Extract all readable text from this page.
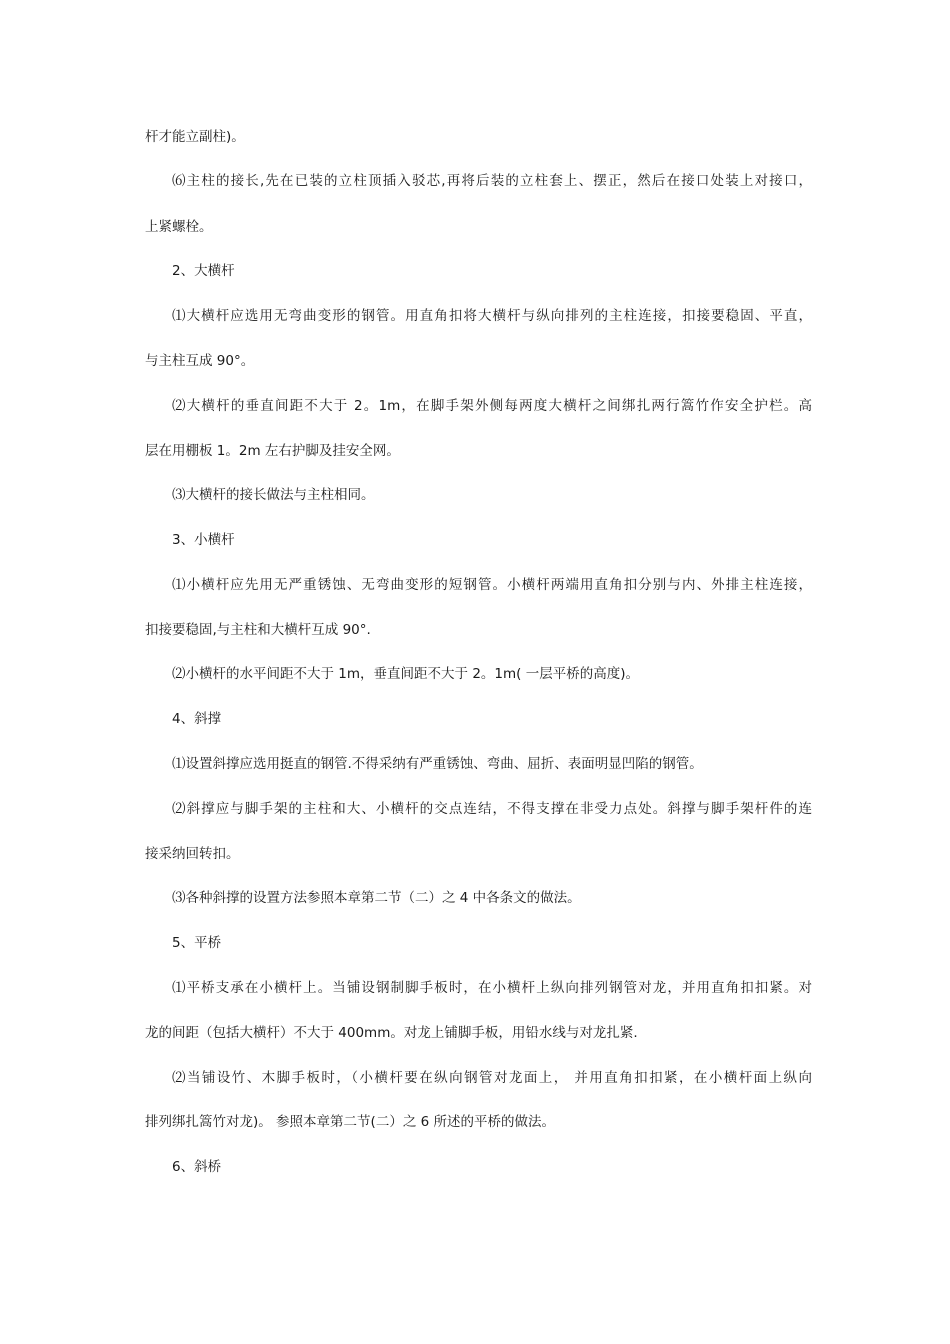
杆才能立副柱)。
⑹主柱的接长,先在已装的立柱顶插入驳芯,再将后装的立柱套上、摆正，然后在接口处装上对接口，
上紧螺栓。
2、大横杆
⑴大横杆应选用无弯曲变形的钢管。用直角扣将大横杆与纵向排列的主柱连接，扣接要稳固、平直，
与主柱互成 90°。
⑵大横杆的垂直间距不大于 2。1m，在脚手架外侧每两度大横杆之间绑扎两行篙竹作安全护栏。高
层在用棚板 1。2m 左右护脚及挂安全网。
⑶大横杆的接长做法与主柱相同。
3、小横杆
⑴小横杆应先用无严重锈蚀、无弯曲变形的短钢管。小横杆两端用直角扣分别与内、外排主柱连接，
扣接要稳固,与主柱和大横杆互成 90°.
⑵小横杆的水平间距不大于 1m，垂直间距不大于 2。1m( 一层平桥的高度)。
4、斜撑
⑴设置斜撑应选用挺直的钢管.不得采纳有严重锈蚀、弯曲、屈折、表面明显凹陷的钢管。
⑵斜撑应与脚手架的主柱和大、小横杆的交点连结，不得支撑在非受力点处。斜撑与脚手架杆件的连
接采纳回转扣。
⑶各种斜撑的设置方法参照本章第二节（二）之 4 中各条文的做法。
5、平桥
⑴平桥支承在小横杆上。当铺设钢制脚手板时，在小横杆上纵向排列钢管对龙，并用直角扣扣紧。对
龙的间距（包括大横杆）不大于 400mm。对龙上铺脚手板，用铅水线与对龙扎紧.
⑵当铺设竹、木脚手板时，（小横杆要在纵向钢管对龙面上， 并用直角扣扣紧，在小横杆面上纵向
排列绑扎篙竹对龙)。 参照本章第二节(二）之 6 所述的平桥的做法。
6、斜桥
